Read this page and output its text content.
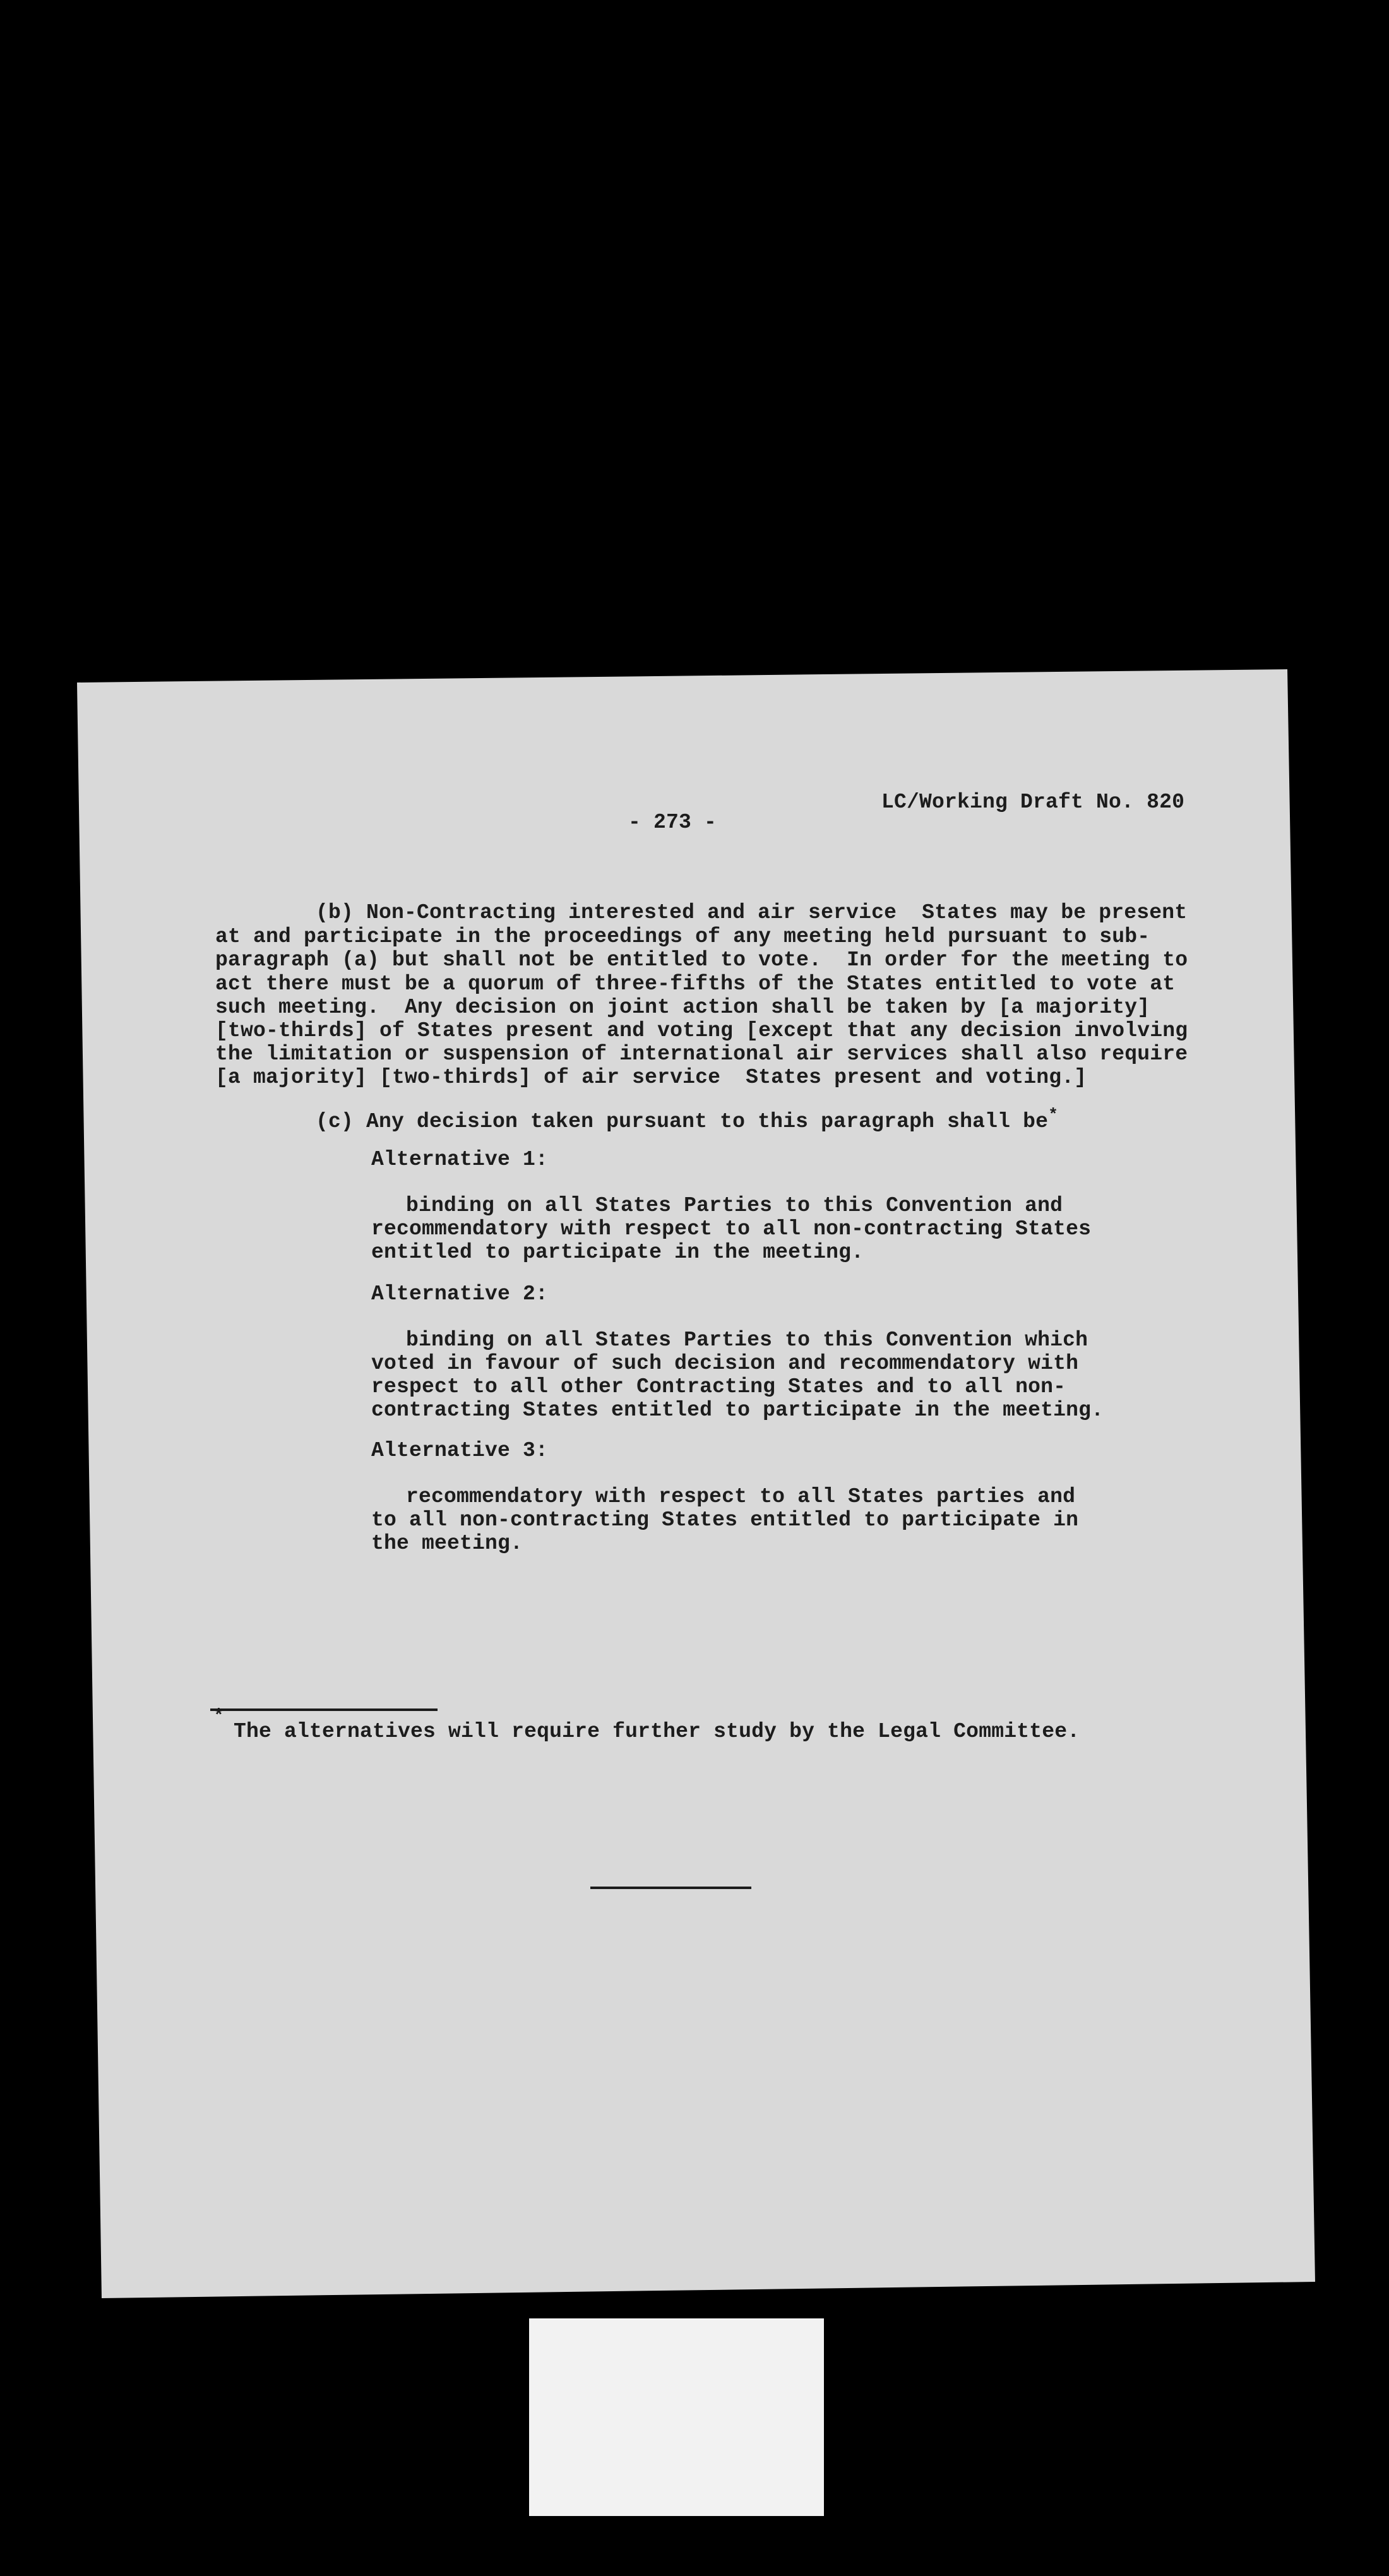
LC/Working Draft No. 820
- 273 -
(b) Non-Contracting interested and air service  States may be present
at and participate in the proceedings of any meeting held pursuant to sub-
paragraph (a) but shall not be entitled to vote.  In order for the meeting to
act there must be a quorum of three-fifths of the States entitled to vote at
such meeting.  Any decision on joint action shall be taken by [a majority]
[two-thirds] of States present and voting [except that any decision involving
the limitation or suspension of international air services shall also require
[a majority] [two-thirds] of air service  States present and voting.]
(c) Any decision taken pursuant to this paragraph shall be*
Alternative 1:
binding on all States Parties to this Convention and
recommendatory with respect to all non-contracting States
entitled to participate in the meeting.
Alternative 2:
binding on all States Parties to this Convention which
voted in favour of such decision and recommendatory with
respect to all other Contracting States and to all non-
contracting States entitled to participate in the meeting.
Alternative 3:
recommendatory with respect to all States parties and
to all non-contracting States entitled to participate in
the meeting.
*
The alternatives will require further study by the Legal Committee.
